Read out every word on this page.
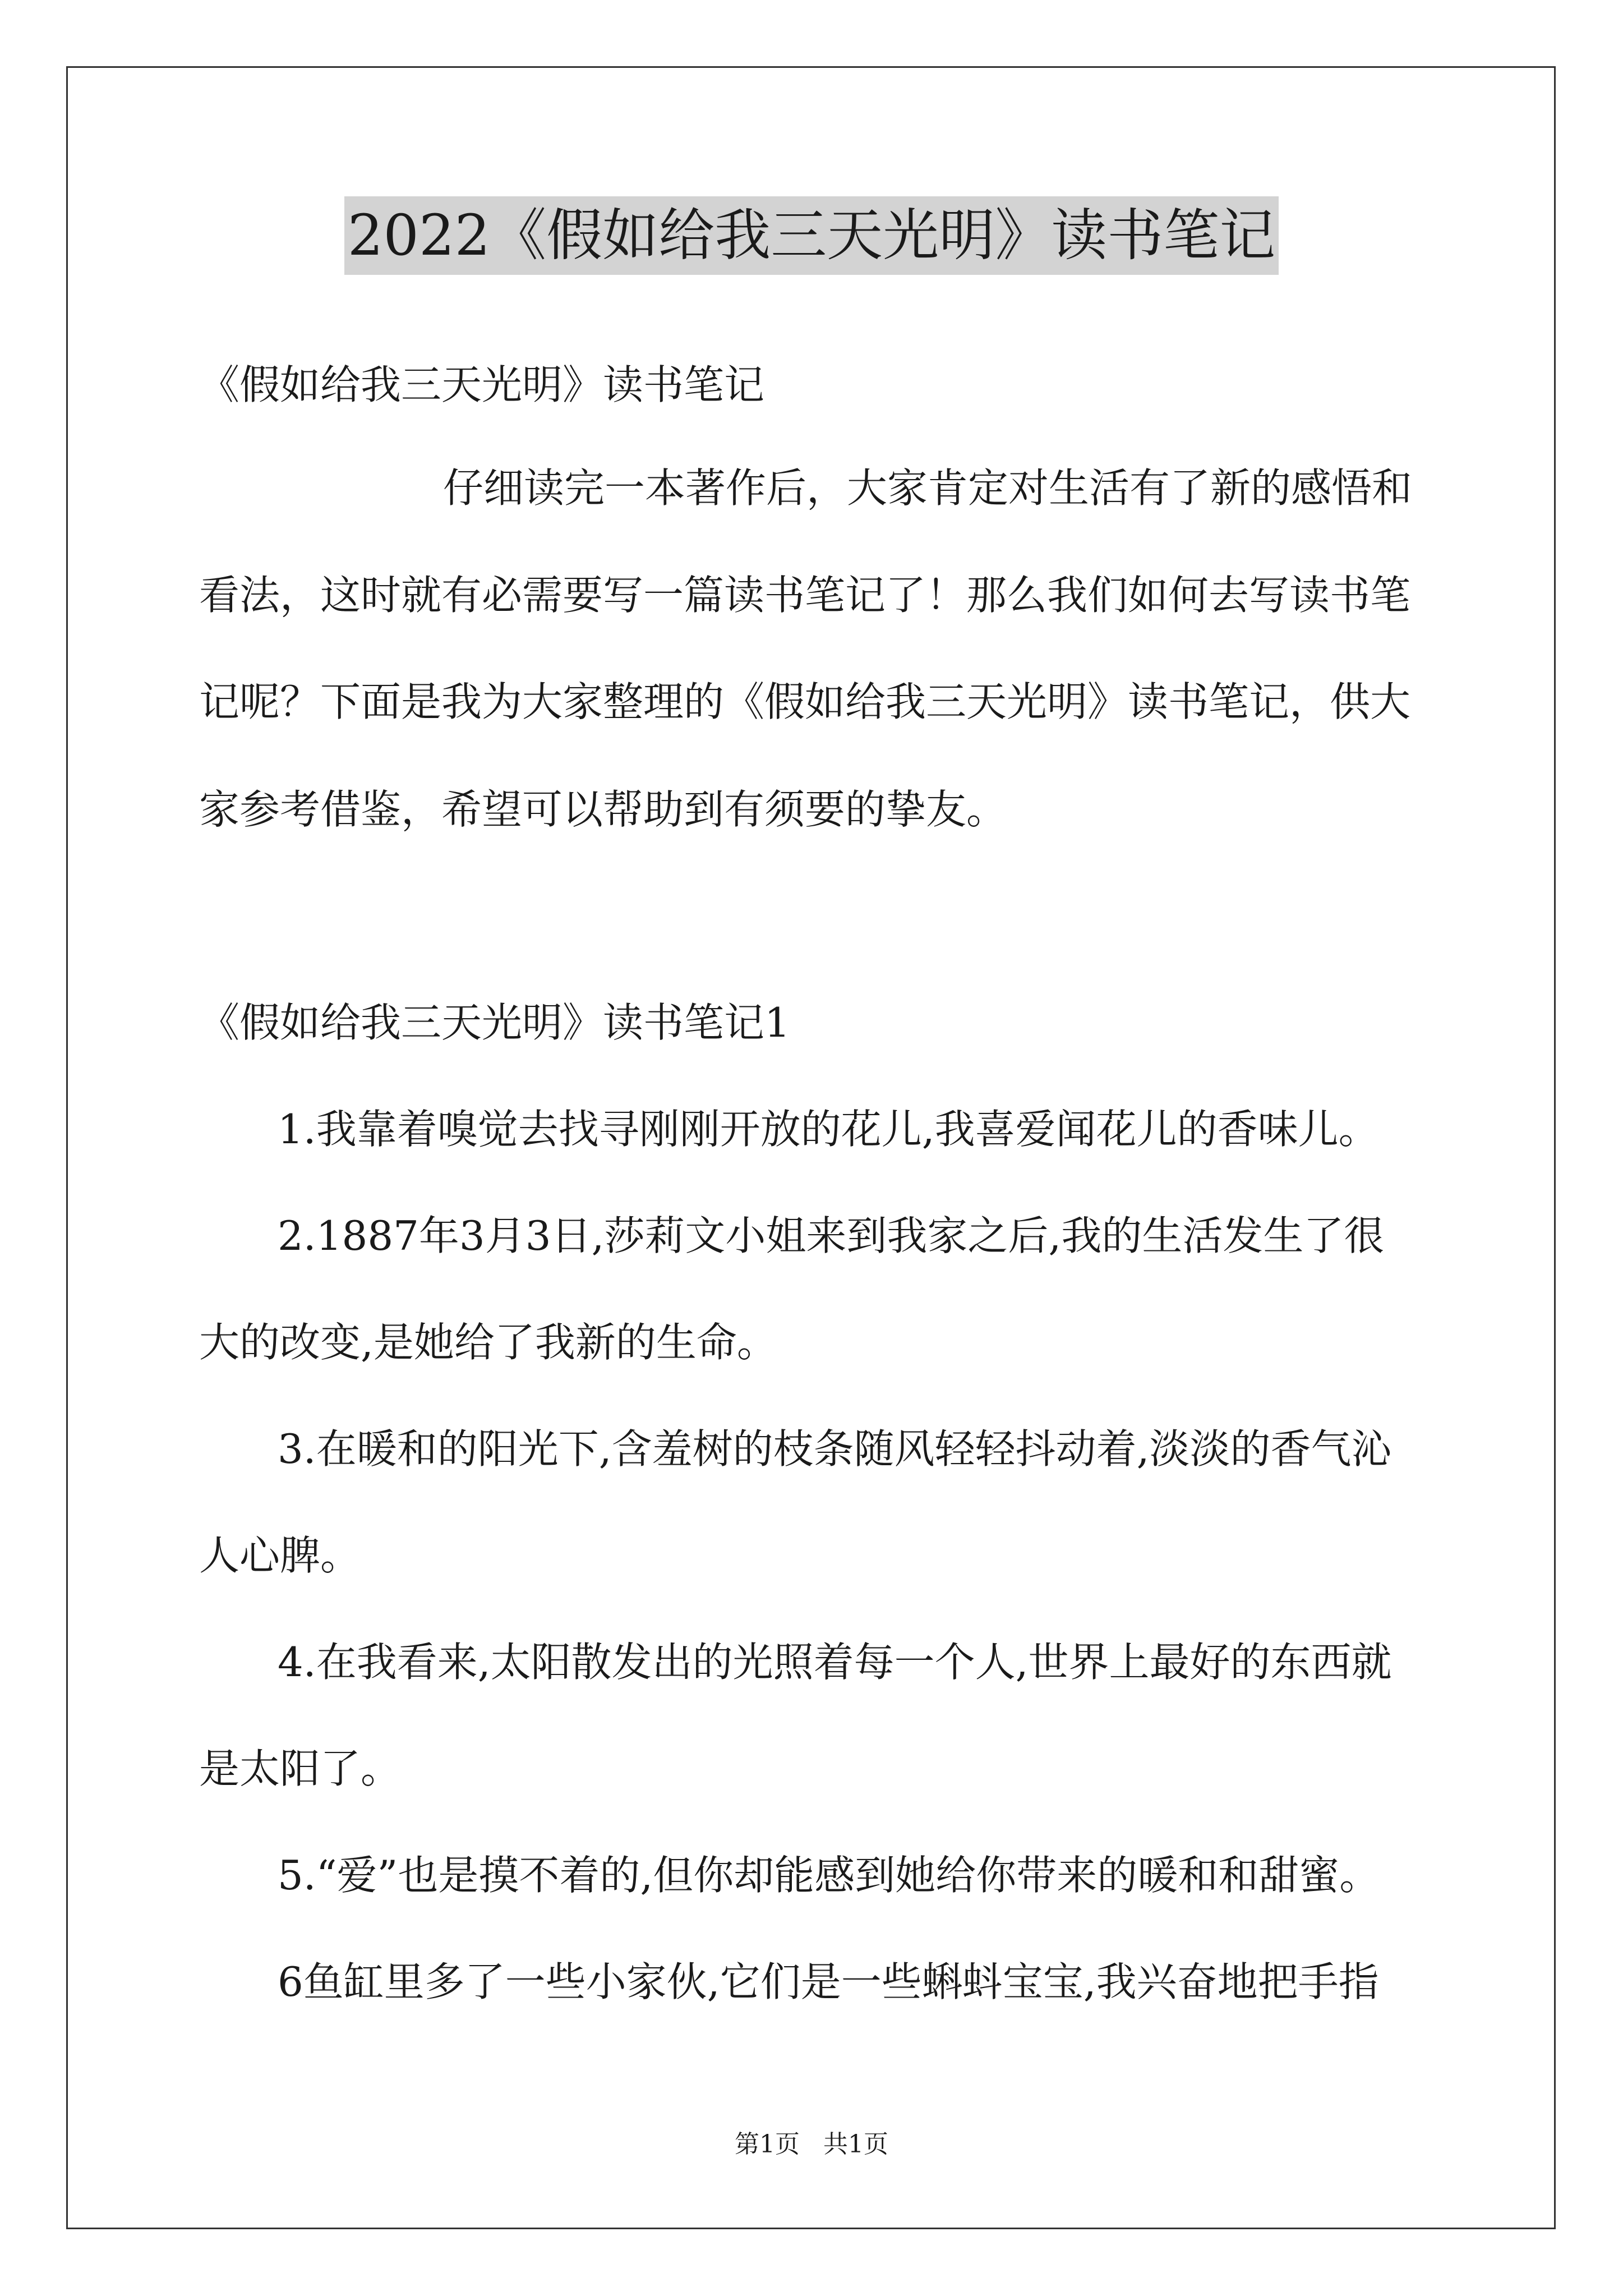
2022《假如给我三天光明》读书笔记
《假如给我三天光明》读书笔记
仔细读完一本著作后，大家肯定对生活有了新的感悟和
看法，这时就有必需要写一篇读书笔记了！那么我们如何去写读书笔
记呢？下面是我为大家整理的《假如给我三天光明》读书笔记，供大
家参考借鉴，希望可以帮助到有须要的挚友。
《假如给我三天光明》读书笔记1
1.我靠着嗅觉去找寻刚刚开放的花儿,我喜爱闻花儿的香味儿。
2.1887年3月3日,莎莉文小姐来到我家之后,我的生活发生了很
大的改变,是她给了我新的生命。
3.在暖和的阳光下,含羞树的枝条随风轻轻抖动着,淡淡的香气沁
人心脾。
4.在我看来,太阳散发出的光照着每一个人,世界上最好的东西就
是太阳了。
5.“爱”也是摸不着的,但你却能感到她给你带来的暖和和甜蜜。
6鱼缸里多了一些小家伙,它们是一些蝌蚪宝宝,我兴奋地把手指
第1页 共1页
